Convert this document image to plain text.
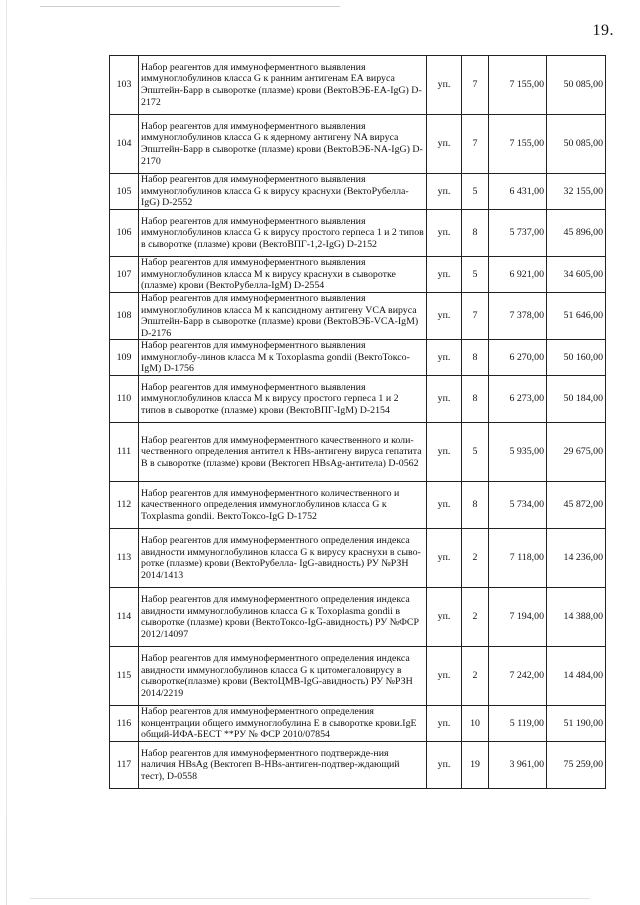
19.
103	Набор реагентов для иммуноферментного выявления иммуноглобулинов класса G к ранним антигенам ЕА вируса Эпштейн-Барр в сыворотке (плазме) крови (ВектоВЭБ-ЕА-IgG) D-2172	уп.	7	7 155,00	50 085,00
104	Набор реагентов для иммуноферментного выявления иммуноглобулинов класса G к ядерному антигену NA вируса Эпштейн-Барр в сыворотке (плазме) крови (ВектоВЭБ-NA-IgG) D-2170	уп.	7	7 155,00	50 085,00
105	Набор реагентов для иммуноферментного выявления иммуноглобулинов класса G к вирусу краснухи (ВектоРубелла-IgG) D-2552	уп.	5	6 431,00	32 155,00
106	Набор реагентов для иммуноферментного выявления иммуноглобулинов класса G к вирусу простого герпеса 1 и 2 типов в сыворотке (плазме) крови (ВектоВПГ-1,2-IgG) D-2152	уп.	8	5 737,00	45 896,00
107	Набор реагентов для иммуноферментного выявления иммуноглобулинов класса М к вирусу краснухи в сыворотке (плазме) крови (ВектоРубелла-IgM) D-2554	уп.	5	6 921,00	34 605,00
108	Набор реагентов для иммуноферментного выявления иммуноглобулинов класса М к капсидному антигену VCA вируса Эпштейн-Барр в сыворотке (плазме) крови (ВектоВЭБ-VCA-IgM) D-2176	уп.	7	7 378,00	51 646,00
109	Набор реагентов для иммуноферментного выявления иммуноглобу-линов класса М к Toxoplasma gondii (ВектоТоксо-IgM) D-1756	уп.	8	6 270,00	50 160,00
110	Набор реагентов для иммуноферментного выявления иммуноглобулинов класса М к вирусу простого герпеса 1 и 2 типов в сыворотке (плазме) крови (ВектоВПГ-IgM) D-2154	уп.	8	6 273,00	50 184,00
111	Набор реагентов для иммуноферментного качественного и коли-чественного определения антител к HBs-антигену вируса гепатита В в сыворотке (плазме) крови (Вектогеп HBsAg-антитела) D-0562	уп.	5	5 935,00	29 675,00
112	Набор реагентов для иммуноферментного количественного и качественного определения иммуноглобулинов класса G к Toxplasma gondii. ВектоТоксо-IgG D-1752	уп.	8	5 734,00	45 872,00
113	Набор реагентов для иммуноферментного определения индекса авидности иммуноглобулинов класса G к вирусу краснухи в сыво-ротке (плазме) крови (ВектоРубелла- IgG-авидность) РУ №РЗН 2014/1413	уп.	2	7 118,00	14 236,00
114	Набор реагентов для иммуноферментного определения индекса авидности иммуноглобулинов класса G к Toxoplasma gondii в сыворотке (плазме) крови (ВектоТоксо-IgG-авидность) РУ №ФСР 2012/14097	уп.	2	7 194,00	14 388,00
115	Набор реагентов для иммуноферментного определения индекса авидности иммуноглобулинов класса G к цитомегаловирусу в сыворотке(плазме) крови (ВектоЦМВ-IgG-авидность) РУ №РЗН 2014/2219	уп.	2	7 242,00	14 484,00
116	Набор реагентов для иммуноферментного определения концентрации общего иммуноглобулина Е в сыворотке крови.IgE общий-ИФА-БЕСТ **РУ № ФСР 2010/07854	уп.	10	5 119,00	51 190,00
117	Набор реагентов для иммуноферментного подтвержде-ния наличия HBsAg (Вектогеп В-HBs-антиген-подтвер-ждающий тест), D-0558	уп.	19	3 961,00	75 259,00
